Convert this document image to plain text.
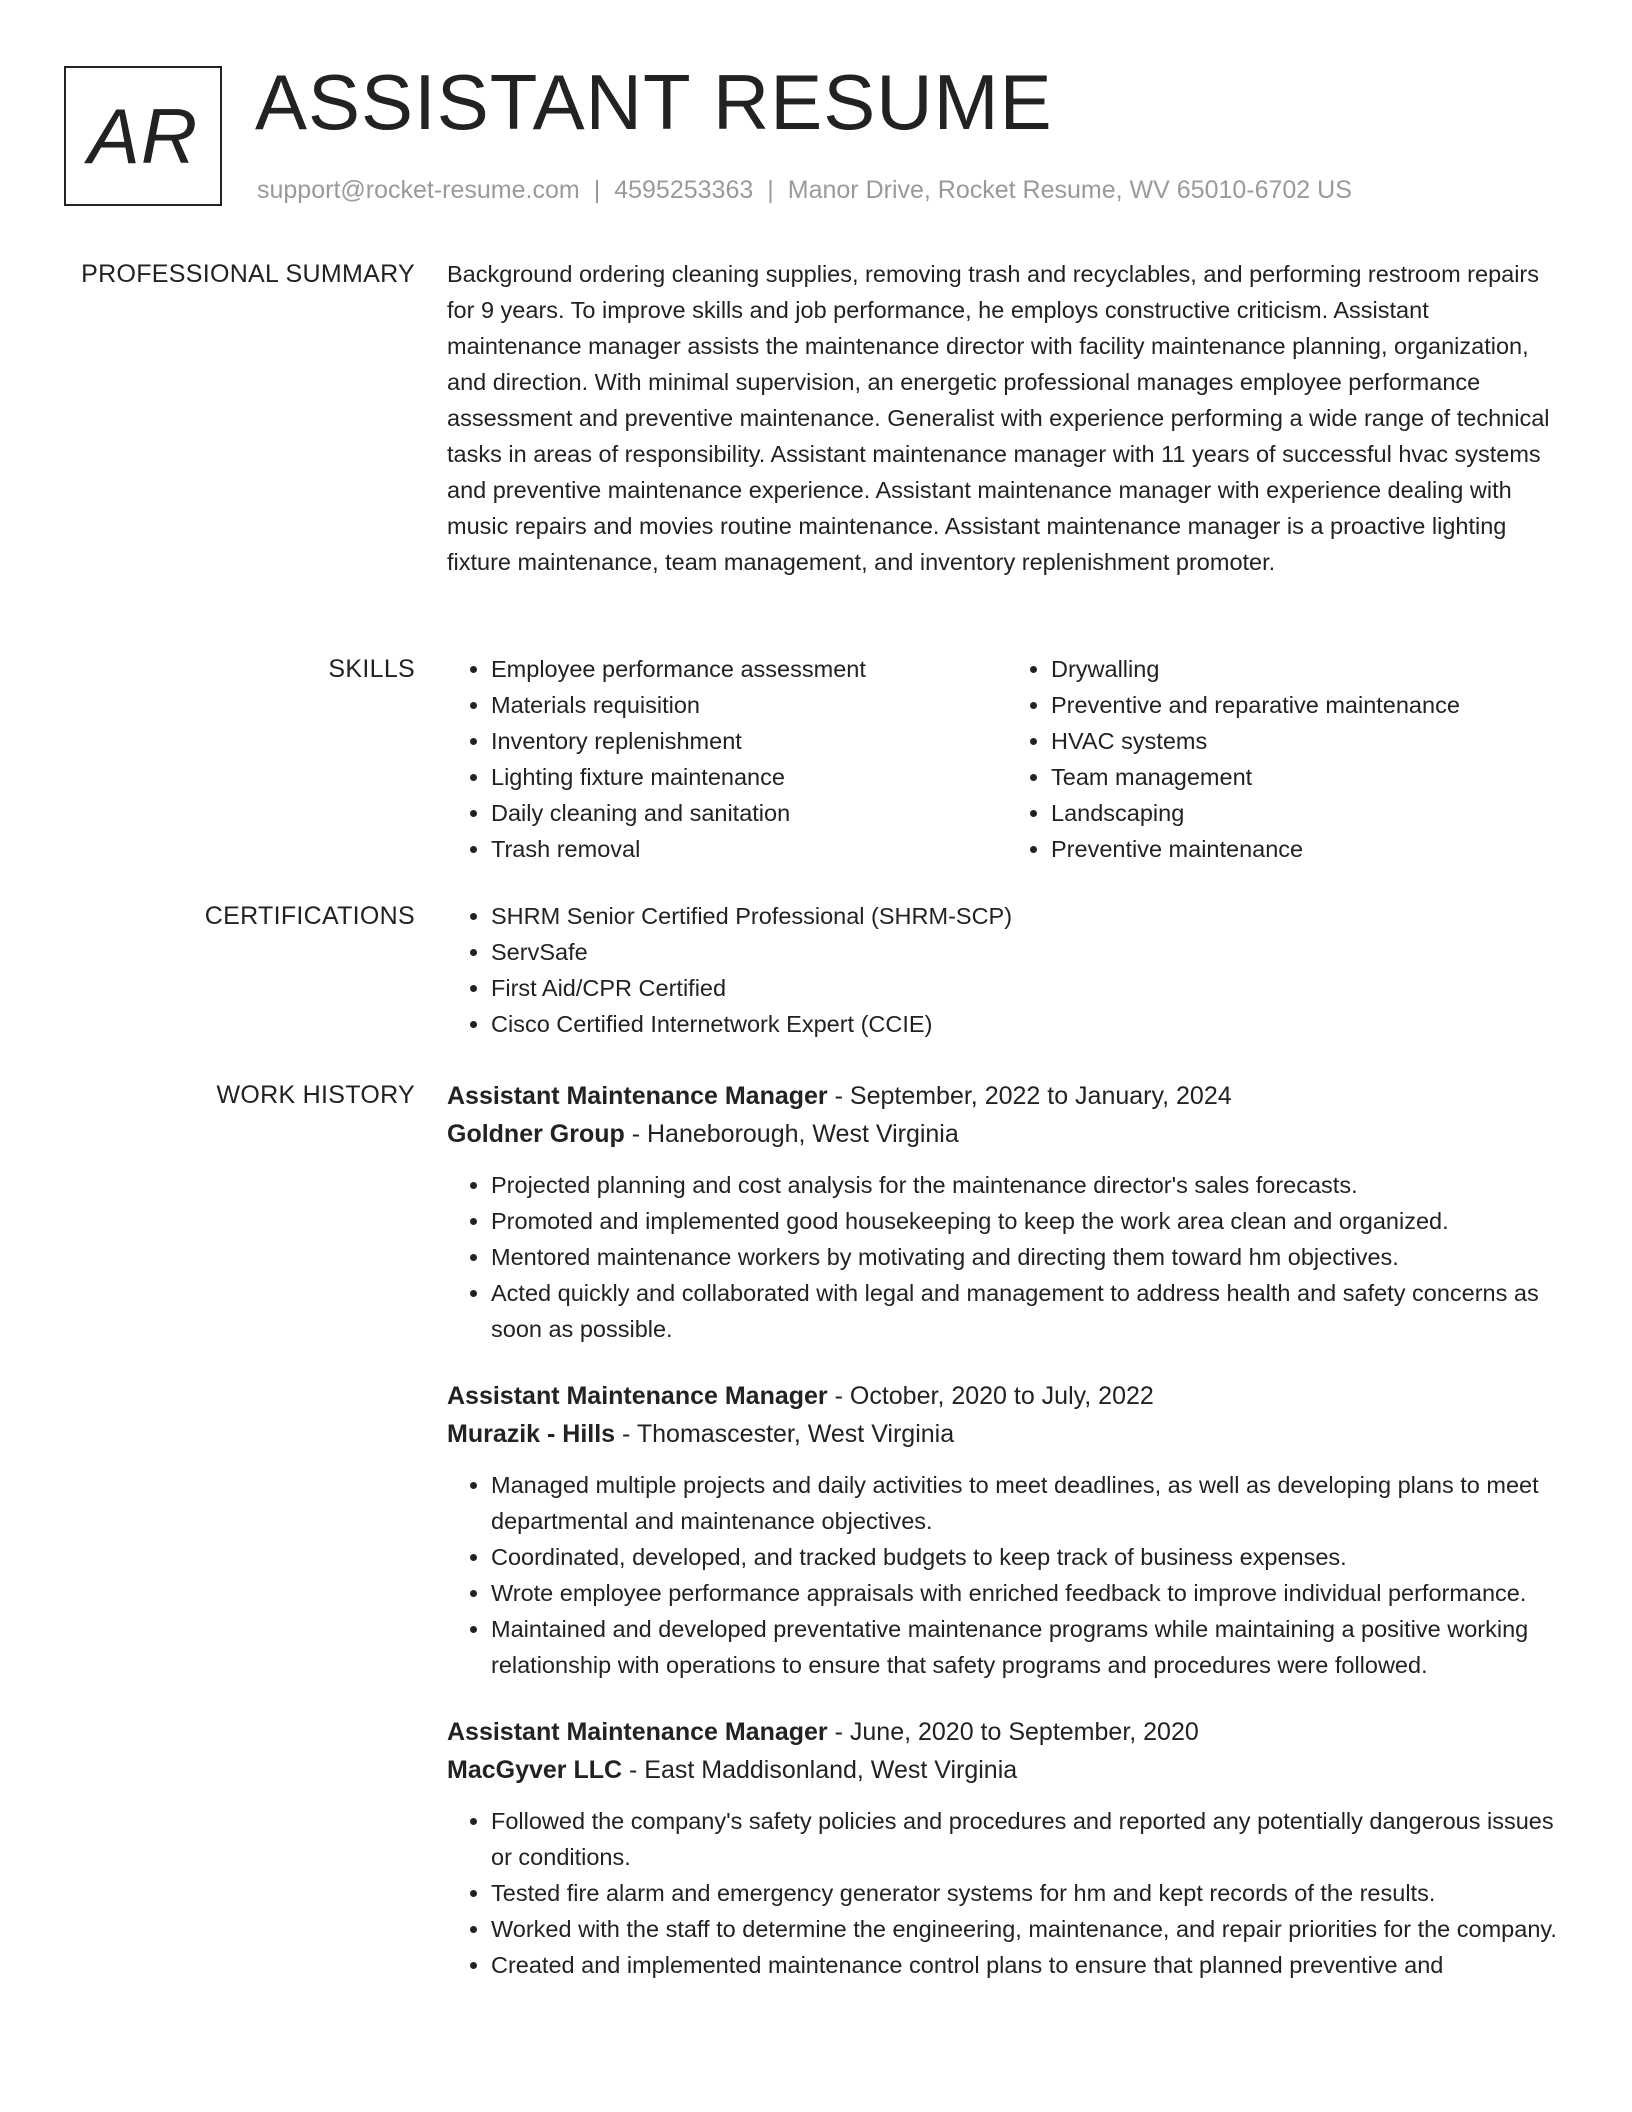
AR ASSISTANT RESUME
support@rocket-resume.com | 4595253363 | Manor Drive, Rocket Resume, WV 65010-6702 US
PROFESSIONAL SUMMARY Background ordering cleaning supplies, removing trash and recyclables, and performing restroom repairs for 9 years. To improve skills and job performance, he employs constructive criticism. Assistant maintenance manager assists the maintenance director with facility maintenance planning, organization, and direction. With minimal supervision, an energetic professional manages employee performance assessment and preventive maintenance. Generalist with experience performing a wide range of technical tasks in areas of responsibility. Assistant maintenance manager with 11 years of successful hvac systems and preventive maintenance experience. Assistant maintenance manager with experience dealing with music repairs and movies routine maintenance. Assistant maintenance manager is a proactive lighting fixture maintenance, team management, and inventory replenishment promoter.

SKILLS	• Employee performance assessment
• Materials requisition
• Inventory replenishment
• Lighting fixture maintenance
• Daily cleaning and sanitation
• Trash removal
• Drywalling
• Preventive and reparative maintenance
• HVAC systems
• Team management
• Landscaping
• Preventive maintenance
CERTIFICATIONS	• SHRM Senior Certified Professional (SHRM-SCP)
• ServSafe
• First Aid/CPR Certified
• Cisco Certified Internetwork Expert (CCIE)
WORK HISTORY Assistant Maintenance Manager - September, 2022 to January, 2024
Goldner Group - Haneborough, West Virginia
• Projected planning and cost analysis for the maintenance director's sales forecasts.
• Promoted and implemented good housekeeping to keep the work area clean and organized.
• Mentored maintenance workers by motivating and directing them toward hm objectives.
• Acted quickly and collaborated with legal and management to address health and safety concerns as soon as possible.
Assistant Maintenance Manager - October, 2020 to July, 2022
Murazik - Hills - Thomascester, West Virginia
• Managed multiple projects and daily activities to meet deadlines, as well as developing plans to meet departmental and maintenance objectives.
• Coordinated, developed, and tracked budgets to keep track of business expenses.
• Wrote employee performance appraisals with enriched feedback to improve individual performance.
• Maintained and developed preventative maintenance programs while maintaining a positive working relationship with operations to ensure that safety programs and procedures were followed.
Assistant Maintenance Manager - June, 2020 to September, 2020
MacGyver LLC - East Maddisonland, West Virginia
• Followed the company's safety policies and procedures and reported any potentially dangerous issues or conditions.
• Tested fire alarm and emergency generator systems for hm and kept records of the results.
• Worked with the staff to determine the engineering, maintenance, and repair priorities for the company.
• Created and implemented maintenance control plans to ensure that planned preventive and
